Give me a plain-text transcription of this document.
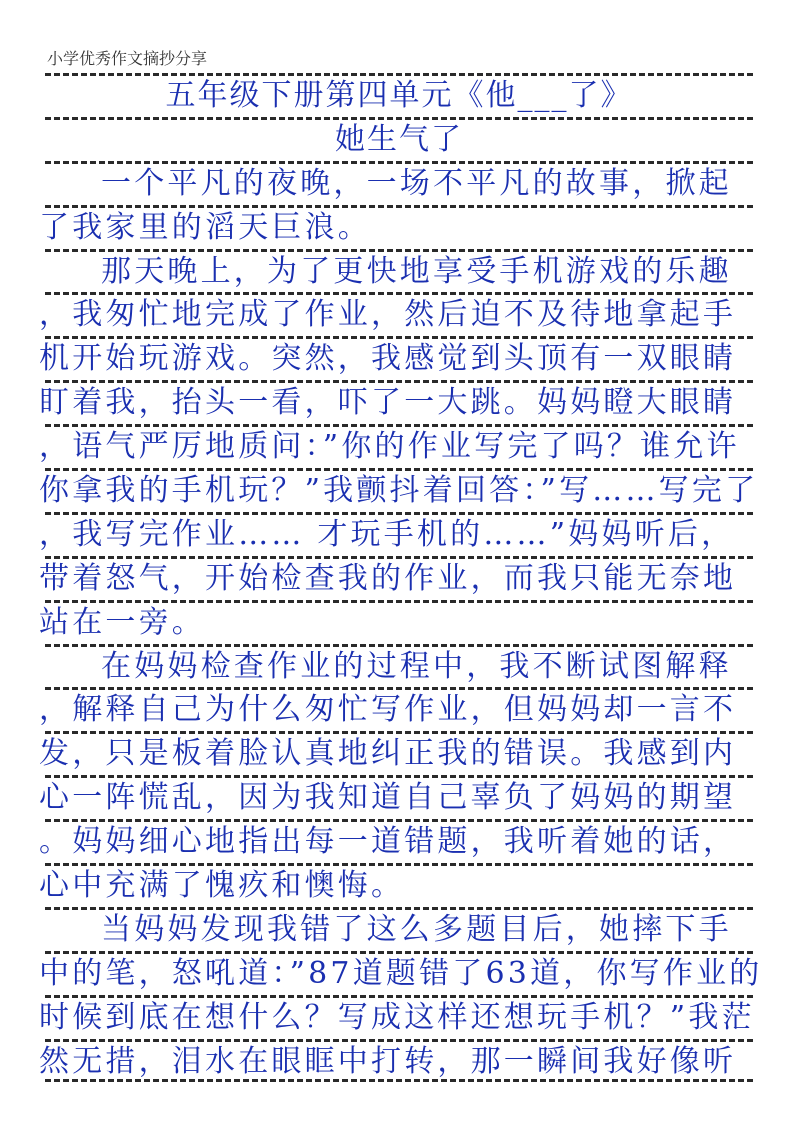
小学优秀作文摘抄分享
五年级下册第四单元《他___了》
她生气了
一个平凡的夜晚，一场不平凡的故事，掀起
了我家里的滔天巨浪。
那天晚上，为了更快地享受手机游戏的乐趣
，我匆忙地完成了作业，然后迫不及待地拿起手
机开始玩游戏。突然，我感觉到头顶有一双眼睛
盯着我，抬头一看，吓了一大跳。妈妈瞪大眼睛
，语气严厉地质问：”你的作业写完了吗？谁允许
你拿我的手机玩？”我颤抖着回答：”写……写完了
，我写完作业…… 才玩手机的……”妈妈听后，
带着怒气，开始检查我的作业，而我只能无奈地
站在一旁。
在妈妈检查作业的过程中，我不断试图解释
，解释自己为什么匆忙写作业，但妈妈却一言不
发，只是板着脸认真地纠正我的错误。我感到内
心一阵慌乱，因为我知道自己辜负了妈妈的期望
。妈妈细心地指出每一道错题，我听着她的话，
心中充满了愧疚和懊悔。
当妈妈发现我错了这么多题目后，她摔下手
中的笔，怒吼道：”87道题错了63道，你写作业的
时候到底在想什么？写成这样还想玩手机？”我茫
然无措，泪水在眼眶中打转，那一瞬间我好像听
